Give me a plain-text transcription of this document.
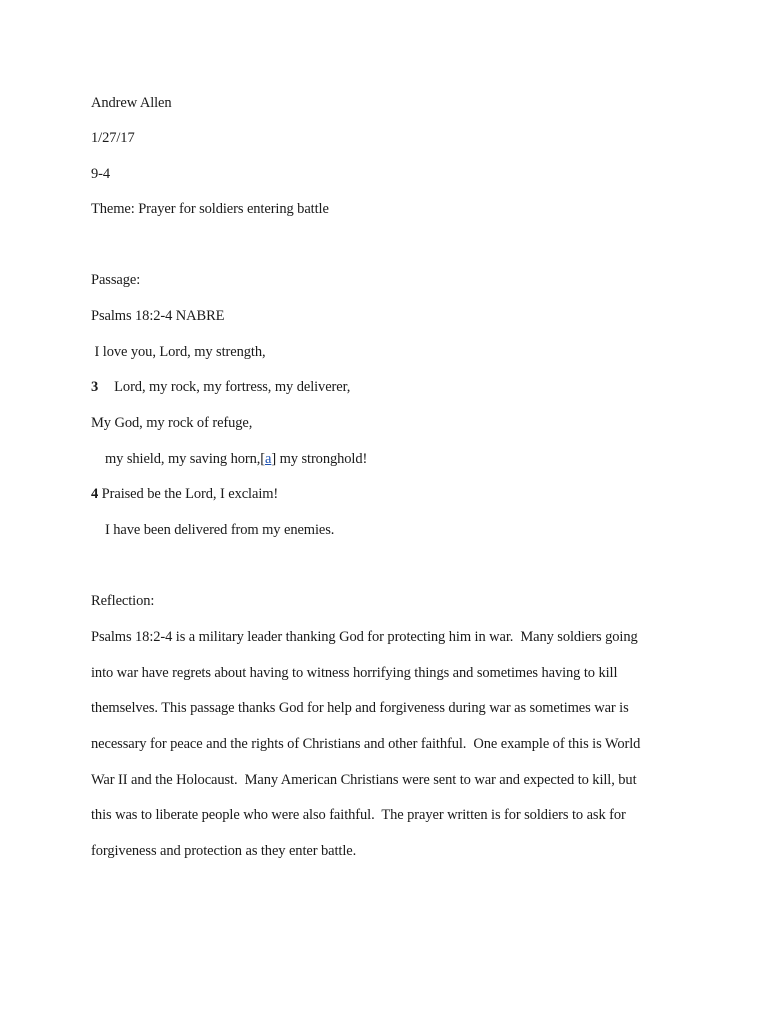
Andrew Allen
1/27/17
9-4
Theme: Prayer for soldiers entering battle
Passage:
Psalms 18:2-4 NABRE
I love you, Lord, my strength,
3 Lord, my rock, my fortress, my deliverer,
My God, my rock of refuge,
my shield, my saving horn,[a] my stronghold!
4 Praised be the Lord, I exclaim!
I have been delivered from my enemies.
Reflection:
Psalms 18:2-4 is a military leader thanking God for protecting him in war.  Many soldiers going
into war have regrets about having to witness horrifying things and sometimes having to kill
themselves. This passage thanks God for help and forgiveness during war as sometimes war is
necessary for peace and the rights of Christians and other faithful.  One example of this is World
War II and the Holocaust.  Many American Christians were sent to war and expected to kill, but
this was to liberate people who were also faithful.  The prayer written is for soldiers to ask for
forgiveness and protection as they enter battle.
